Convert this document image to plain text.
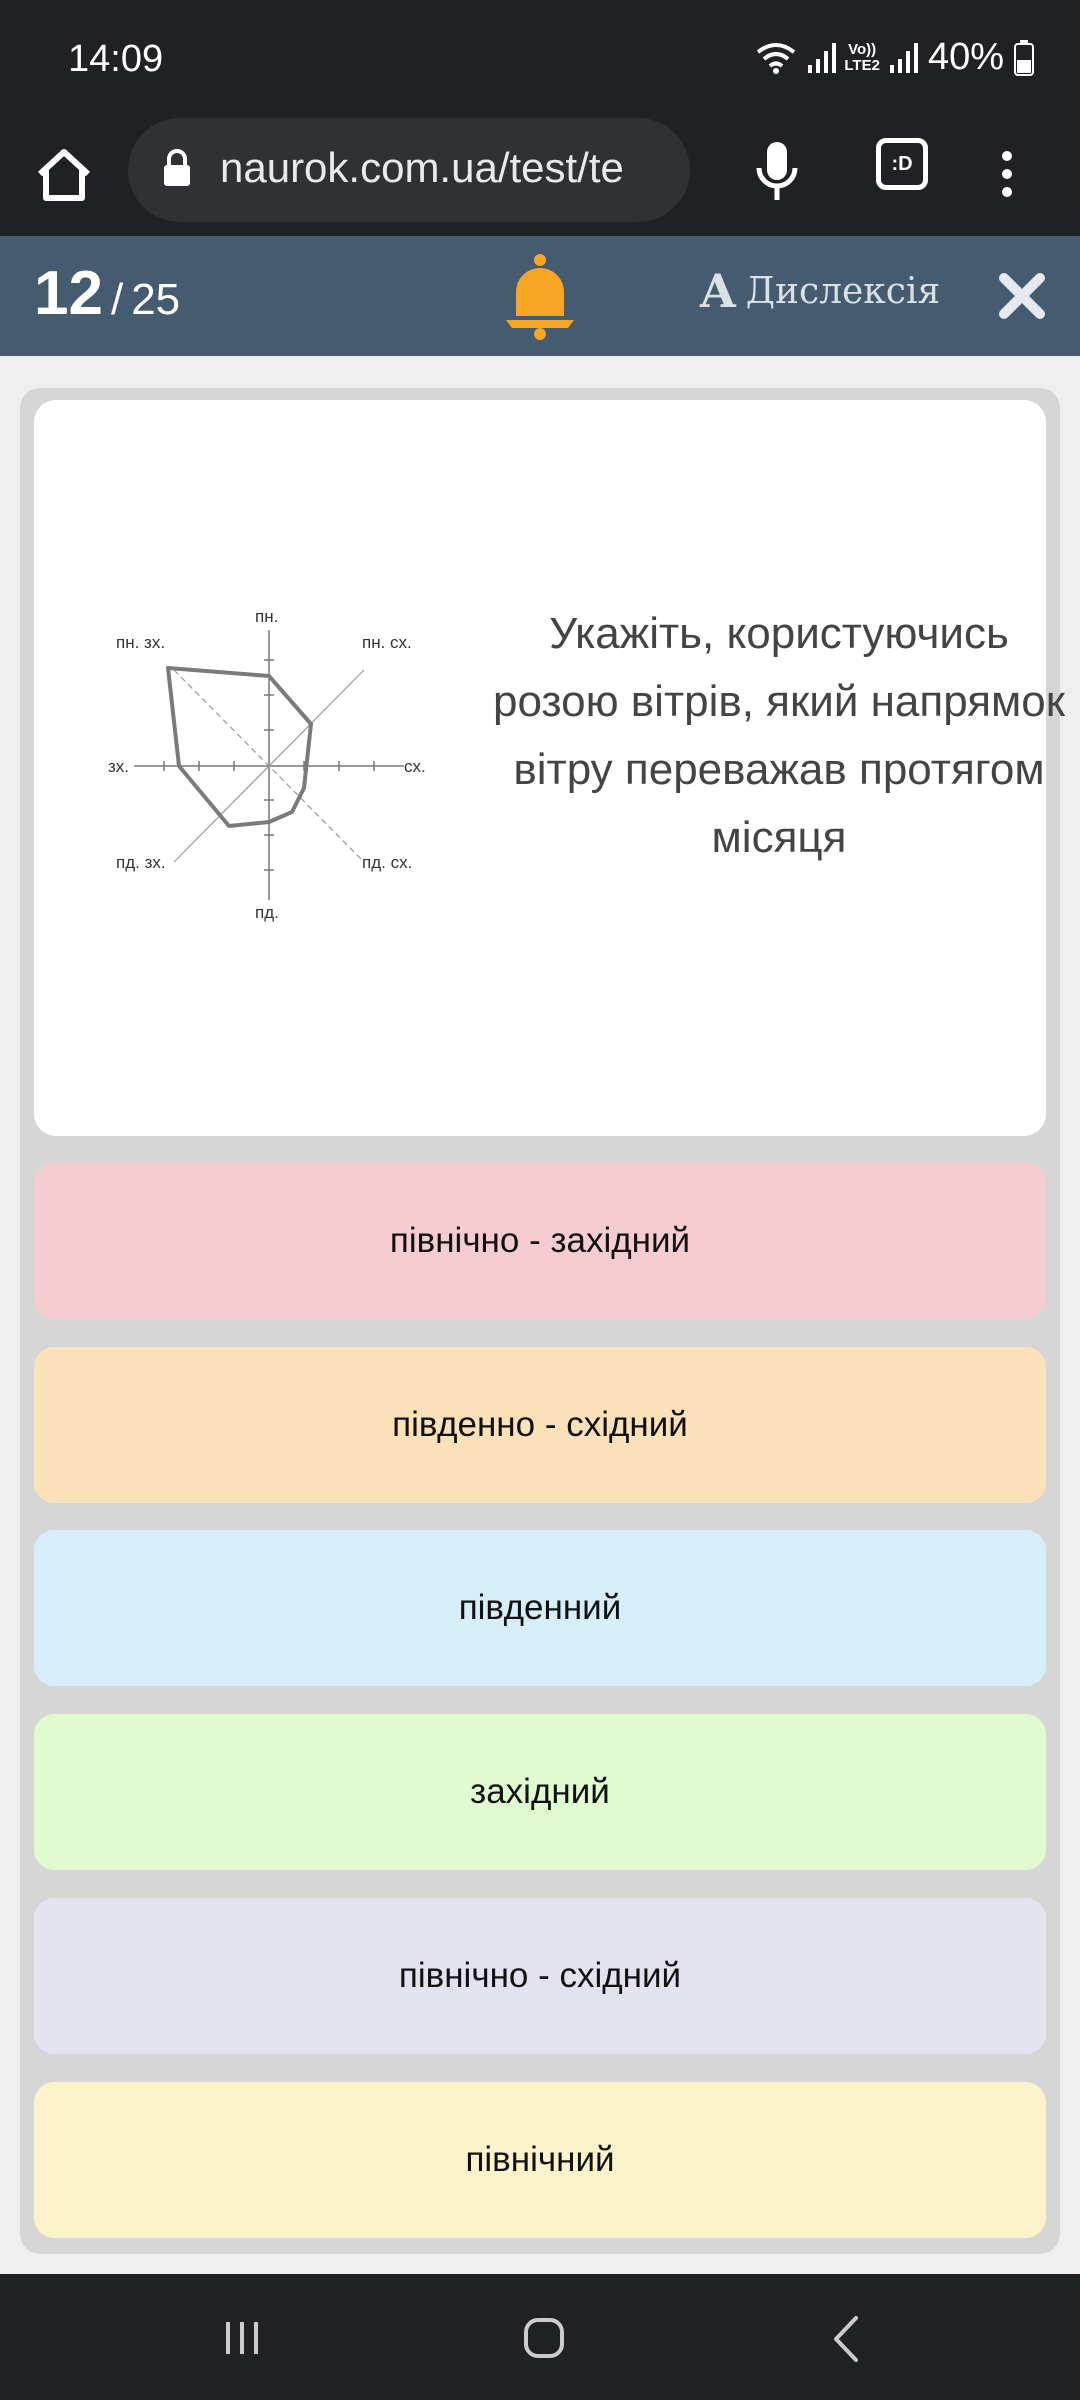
14:09	Vo))
LTE2 40%
naurok.com.ua/test/te	:D
12 / 25	A Дислексія
пн.
пн. сх.
сх.
пд. сх.
пд.
пд. зх.
зх.
пн. зх.	Укажіть, користуючись розою вітрів, який напрямок вітру переважав протягом місяця
північно - західний
південно - східний
південний
західний
північно - східний
північний
